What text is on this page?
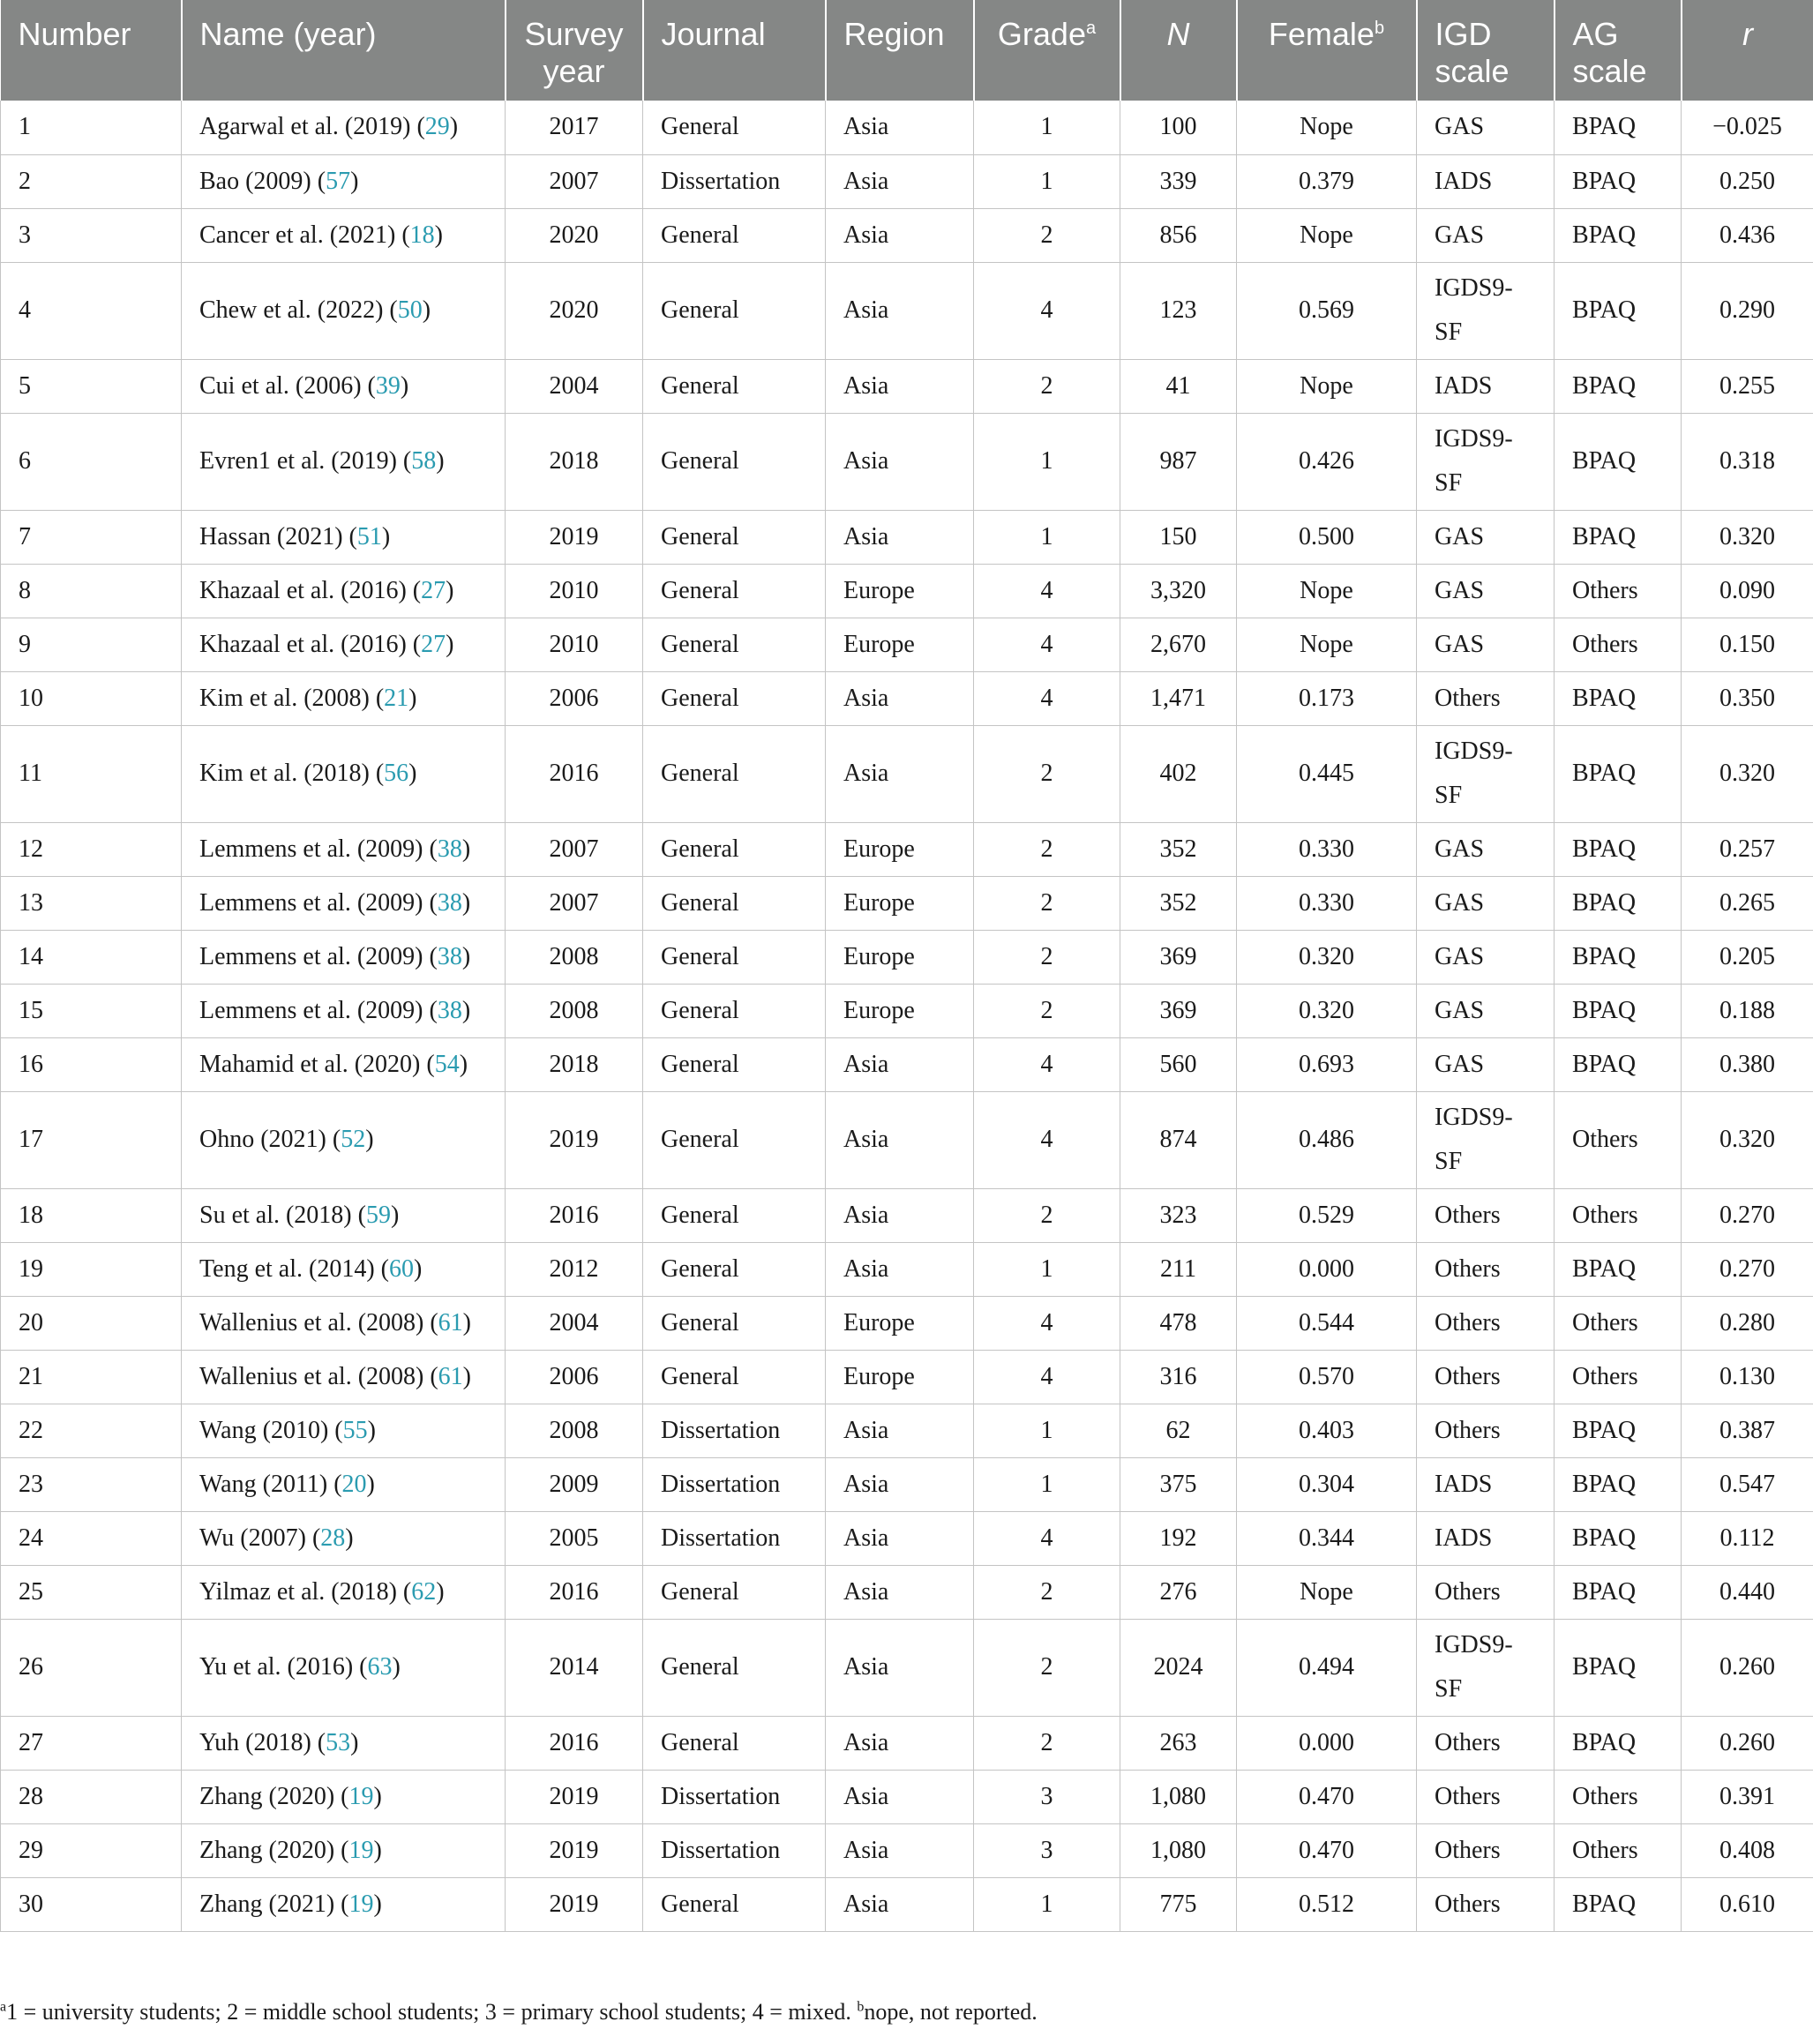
Number	Name (year)	Survey year	Journal	Region	Grade$^a$	N	Female$^b$	IGD scale	AG scale	r
1	Agarwal et al. (2019) (29)	2017	General	Asia	1	100	Nope	GAS	BPAQ	−0.025
2	Bao (2009) (57)	2007	Dissertation	Asia	1	339	0.379	IADS	BPAQ	0.250
3	Cancer et al. (2021) (18)	2020	General	Asia	2	856	Nope	GAS	BPAQ	0.436
4	Chew et al. (2022) (50)	2020	General	Asia	4	123	0.569	IGDS9-SF	BPAQ	0.290
5	Cui et al. (2006) (39)	2004	General	Asia	2	41	Nope	IADS	BPAQ	0.255
6	Evren1 et al. (2019) (58)	2018	General	Asia	1	987	0.426	IGDS9-SF	BPAQ	0.318
7	Hassan (2021) (51)	2019	General	Asia	1	150	0.500	GAS	BPAQ	0.320
8	Khazaal et al. (2016) (27)	2010	General	Europe	4	3,320	Nope	GAS	Others	0.090
9	Khazaal et al. (2016) (27)	2010	General	Europe	4	2,670	Nope	GAS	Others	0.150
10	Kim et al. (2008) (21)	2006	General	Asia	4	1,471	0.173	Others	BPAQ	0.350
11	Kim et al. (2018) (56)	2016	General	Asia	2	402	0.445	IGDS9-SF	BPAQ	0.320
12	Lemmens et al. (2009) (38)	2007	General	Europe	2	352	0.330	GAS	BPAQ	0.257
13	Lemmens et al. (2009) (38)	2007	General	Europe	2	352	0.330	GAS	BPAQ	0.265
14	Lemmens et al. (2009) (38)	2008	General	Europe	2	369	0.320	GAS	BPAQ	0.205
15	Lemmens et al. (2009) (38)	2008	General	Europe	2	369	0.320	GAS	BPAQ	0.188
16	Mahamid et al. (2020) (54)	2018	General	Asia	4	560	0.693	GAS	BPAQ	0.380
17	Ohno (2021) (52)	2019	General	Asia	4	874	0.486	IGDS9-SF	Others	0.320
18	Su et al. (2018) (59)	2016	General	Asia	2	323	0.529	Others	Others	0.270
19	Teng et al. (2014) (60)	2012	General	Asia	1	211	0.000	Others	BPAQ	0.270
20	Wallenius et al. (2008) (61)	2004	General	Europe	4	478	0.544	Others	Others	0.280
21	Wallenius et al. (2008) (61)	2006	General	Europe	4	316	0.570	Others	Others	0.130
22	Wang (2010) (55)	2008	Dissertation	Asia	1	62	0.403	Others	BPAQ	0.387
23	Wang (2011) (20)	2009	Dissertation	Asia	1	375	0.304	IADS	BPAQ	0.547
24	Wu (2007) (28)	2005	Dissertation	Asia	4	192	0.344	IADS	BPAQ	0.112
25	Yilmaz et al. (2018) (62)	2016	General	Asia	2	276	Nope	Others	BPAQ	0.440
26	Yu et al. (2016) (63)	2014	General	Asia	2	2024	0.494	IGDS9-SF	BPAQ	0.260
27	Yuh (2018) (53)	2016	General	Asia	2	263	0.000	Others	BPAQ	0.260
28	Zhang (2020) (19)	2019	Dissertation	Asia	3	1,080	0.470	Others	Others	0.391
29	Zhang (2020) (19)	2019	Dissertation	Asia	3	1,080	0.470	Others	Others	0.408
30	Zhang (2021) (19)	2019	General	Asia	1	775	0.512	Others	BPAQ	0.610
$^a$1 = university students; 2 = middle school students; 3 = primary school students; 4 = mixed. $^b$nope, not reported.
